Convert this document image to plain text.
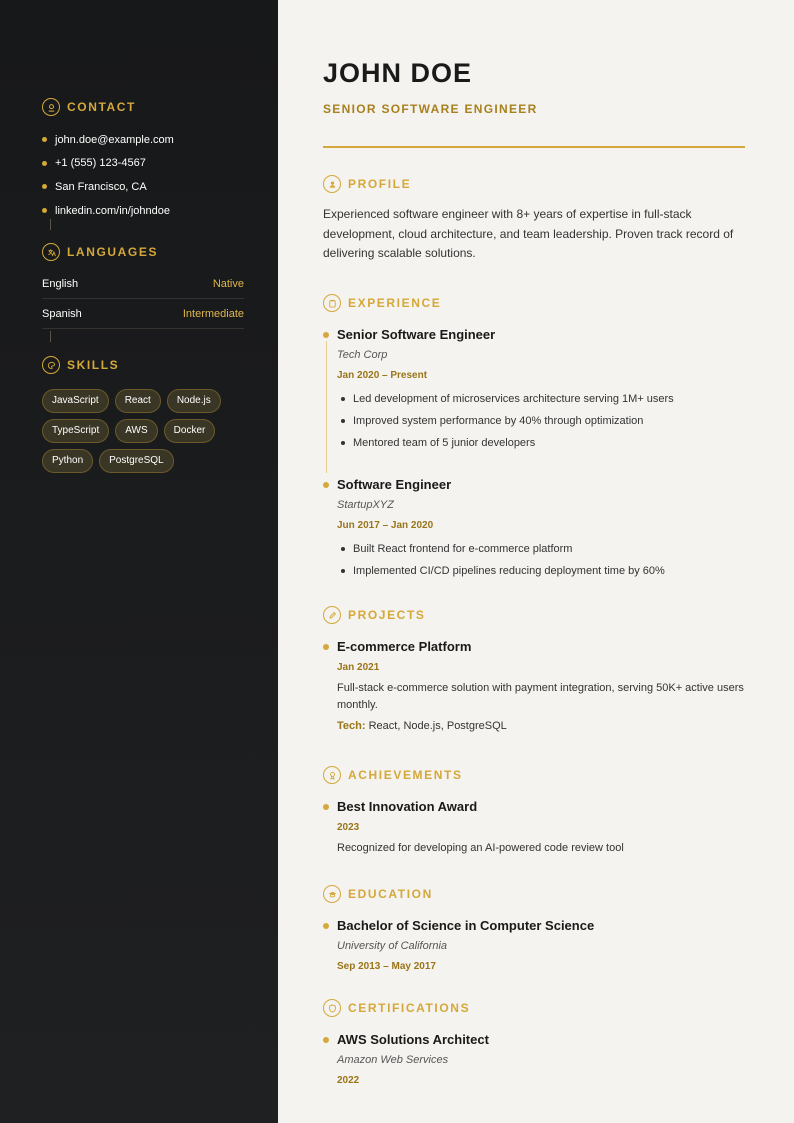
CONTACT
john.doe@example.com
+1 (555) 123-4567
San Francisco, CA
linkedin.com/in/johndoe
LANGUAGES
English	Native
Spanish	Intermediate
SKILLS
JavaScript	React	Node.js
TypeScript	AWS	Docker
Python	PostgreSQL
JOHN DOE
SENIOR SOFTWARE ENGINEER
PROFILE

Experienced software engineer with 8+ years of expertise in full-stack development, cloud architecture, and team leadership. Proven track record of delivering scalable solutions.

EXPERIENCE
Senior Software Engineer
Tech Corp
Jan 2020 – Present
Led development of microservices architecture serving 1M+ users
Improved system performance by 40% through optimization
Mentored team of 5 junior developers
Software Engineer
StartupXYZ
Jun 2017 – Jan 2020
Built React frontend for e-commerce platform
Implemented CI/CD pipelines reducing deployment time by 60%
PROJECTS
E-commerce Platform
Jan 2021
Full-stack e-commerce solution with payment integration, serving 50K+ active users monthly.
Tech: React, Node.js, PostgreSQL
ACHIEVEMENTS
Best Innovation Award
2023
Recognized for developing an AI-powered code review tool
EDUCATION
Bachelor of Science in Computer Science
University of California
Sep 2013 – May 2017
CERTIFICATIONS
AWS Solutions Architect
Amazon Web Services
2022
